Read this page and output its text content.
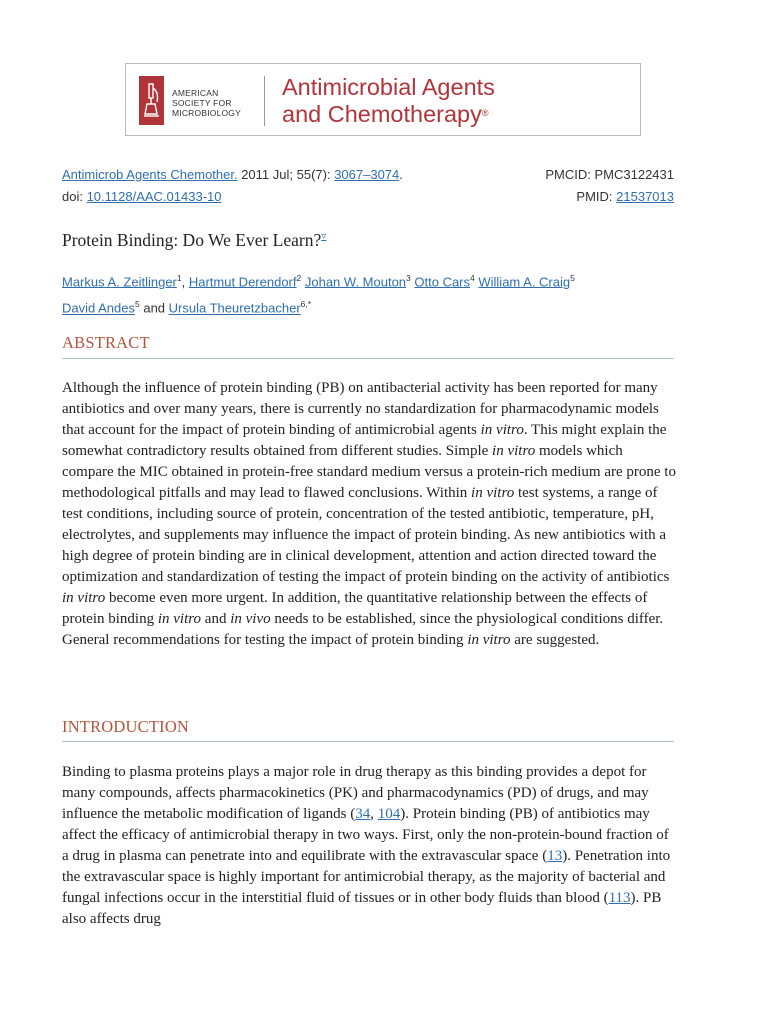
AMERICAN
SOCIETY FOR
MICROBIOLOGY
Antimicrobial Agents
and Chemotherapy®
Antimicrob Agents Chemother. 2011 Jul; 55(7): 3067–3074.	PMCID: PMC3122431
doi: 10.1128/AAC.01433-10	PMID: 21537013
Protein Binding: Do We Ever Learn?▿
Markus A. Zeitlinger$^1$, Hartmut Derendorf$^2$ Johan W. Mouton$^3$ Otto Cars$^4$ William A. Craig$^5$
David Andes$^5$ and Ursula Theuretzbacher$^{6,*}$
ABSTRACT
Although the influence of protein binding (PB) on antibacterial activity has been reported for many antibiotics and over many years, there is currently no standardization for pharmacodynamic models that account for the impact of protein binding of antimicrobial agents in vitro. This might explain the somewhat contradictory results obtained from different studies. Simple in vitro models which compare the MIC obtained in protein-free standard medium versus a protein-rich medium are prone to methodological pitfalls and may lead to flawed conclusions. Within in vitro test systems, a range of test conditions, including source of protein, concentration of the tested antibiotic, temperature, pH, electrolytes, and supplements may influence the impact of protein binding. As new antibiotics with a high degree of protein binding are in clinical development, attention and action directed toward the optimization and standardization of testing the impact of protein binding on the activity of antibiotics in vitro become even more urgent. In addition, the quantitative relationship between the effects of protein binding in vitro and in vivo needs to be established, since the physiological conditions differ. General recommendations for testing the impact of protein binding in vitro are suggested.
INTRODUCTION
Binding to plasma proteins plays a major role in drug therapy as this binding provides a depot for many compounds, affects pharmacokinetics (PK) and pharmacodynamics (PD) of drugs, and may influence the metabolic modification of ligands (34, 104). Protein binding (PB) of antibiotics may affect the efficacy of antimicrobial therapy in two ways. First, only the non-protein-bound fraction of a drug in plasma can penetrate into and equilibrate with the extravascular space (13). Penetration into the extravascular space is highly important for antimicrobial therapy, as the majority of bacterial and fungal infections occur in the interstitial fluid of tissues or in other body fluids than blood (113). PB also affects drug
